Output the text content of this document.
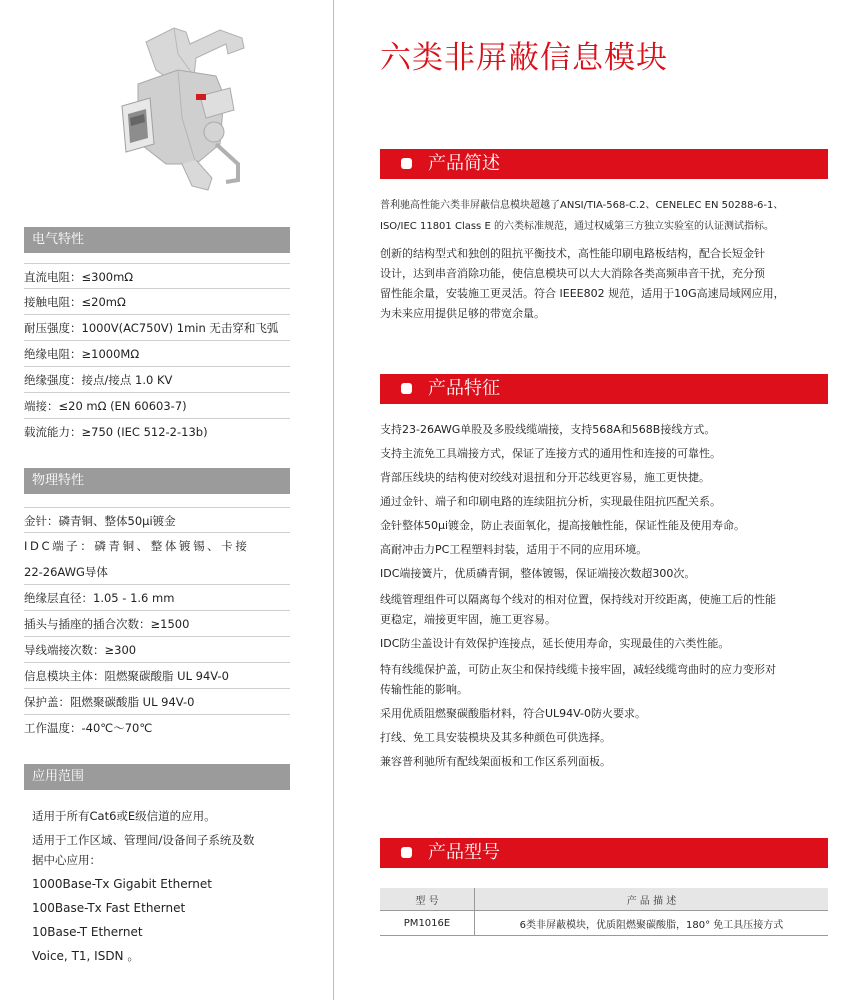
电气特性
直流电阻：≤300mΩ
接触电阻：≤20mΩ
耐压强度：1000V(AC750V) 1min 无击穿和飞弧
绝缘电阻：≥1000MΩ
绝缘强度：接点/接点 1.0 KV
端接：≤20 mΩ (EN 60603-7)
载流能力：≥750 (IEC 512-2-13b)
物理特性
金针：磷青铜、整体50μi镀金
IDC端子：磷青铜、整体镀锡、卡接
22-26AWG导体
绝缘层直径：1.05 - 1.6 mm
插头与插座的插合次数：≥1500
导线端接次数：≥300
信息模块主体：阻燃聚碳酸脂 UL 94V-0
保护盖：阻燃聚碳酸脂 UL 94V-0
工作温度：-40℃～70℃
应用范围
适用于所有Cat6或E级信道的应用。
适用于工作区域、管理间/设备间子系统及数
据中心应用：
1000Base-Tx Gigabit Ethernet
100Base-Tx Fast Ethernet
10Base-T Ethernet
Voice, T1, ISDN 。
六类非屏蔽信息模块
产品简述
普利驰高性能六类非屏蔽信息模块超越了ANSI/TIA-568-C.2、CENELEC EN 50288-6-1、
ISO/IEC 11801 Class E 的六类标准规范，通过权威第三方独立实验室的认证测试指标。
创新的结构型式和独创的阻抗平衡技术，高性能印刷电路板结构，配合长短金针
设计，达到串音消除功能，使信息模块可以大大消除各类高频串音干扰，充分预
留性能余量，安装施工更灵活。符合 IEEE802 规范，适用于10G高速局域网应用，
为未来应用提供足够的带宽余量。
产品特征
支持23-26AWG单股及多股线缆端接，支持568A和568B接线方式。
支持主流免工具端接方式，保证了连接方式的通用性和连接的可靠性。
背部压线块的结构使对绞线对退扭和分开芯线更容易，施工更快捷。
通过金针、端子和印刷电路的连续阻抗分析，实现最佳阻抗匹配关系。
金针整体50μi镀金，防止表面氧化，提高接触性能，保证性能及使用寿命。
高耐冲击力PC工程塑料封装，适用于不同的应用环境。
IDC端接簧片，优质磷青铜，整体镀锡，保证端接次数超300次。
线缆管理组件可以隔离每个线对的相对位置，保持线对开绞距离，使施工后的性能
更稳定，端接更牢固，施工更容易。
IDC防尘盖设计有效保护连接点，延长使用寿命，实现最佳的六类性能。
特有线缆保护盖，可防止灰尘和保持线缆卡接牢固，减轻线缆弯曲时的应力变形对
传输性能的影响。
采用优质阻燃聚碳酸脂材料，符合UL94V-0防火要求。
打线、免工具安装模块及其多种颜色可供选择。
兼容普利驰所有配线架面板和工作区系列面板。
产品型号
型 号	产 品 描 述
PM1016E	6类非屏蔽模块，优质阻燃聚碳酸脂，180° 免工具压接方式
